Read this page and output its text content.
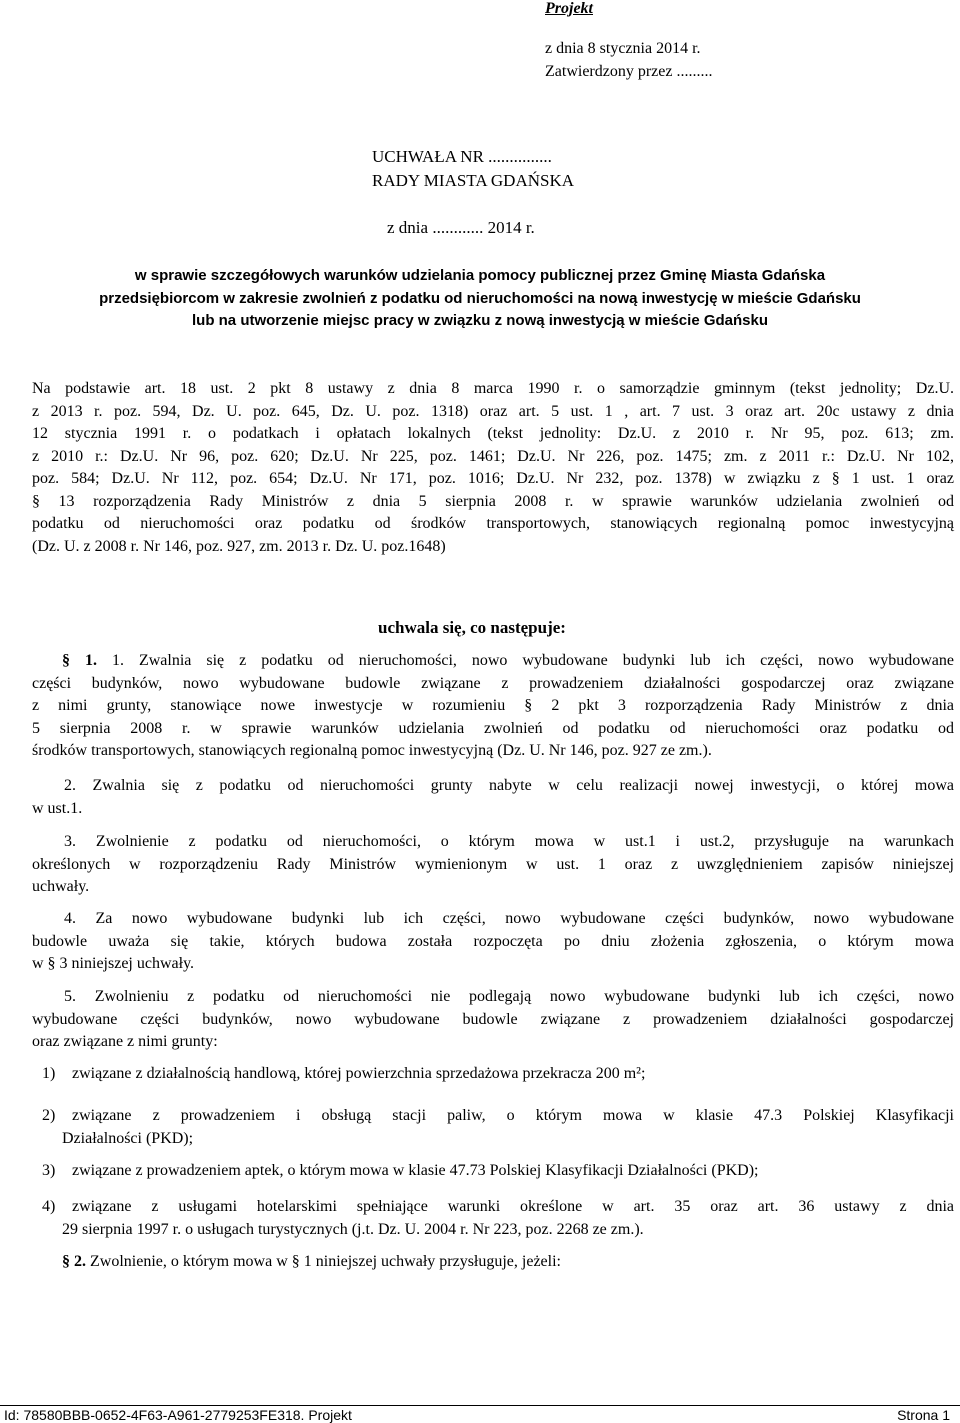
Projekt
z dnia 8 stycznia 2014 r.
Zatwierdzony przez .........
UCHWAŁA NR ...............
RADY MIASTA GDAŃSKA
z dnia ............ 2014 r.
w sprawie szczegółowych warunków udzielania pomocy publicznej przez Gminę Miasta Gdańska
przedsiębiorcom w zakresie zwolnień z podatku od nieruchomości na nową inwestycję w mieście Gdańsku
lub na utworzenie miejsc pracy w związku z nową inwestycją w mieście Gdańsku
Na podstawie art. 18 ust. 2 pkt 8 ustawy z dnia 8 marca 1990 r. o samorządzie gminnym (tekst jednolity; Dz.U.
z 2013 r. poz. 594, Dz. U. poz. 645, Dz. U. poz. 1318) oraz art. 5 ust. 1 , art. 7 ust. 3 oraz art. 20c ustawy z dnia
12 stycznia 1991 r. o podatkach i opłatach lokalnych (tekst jednolity: Dz.U. z 2010 r. Nr 95, poz. 613; zm.
z 2010 r.: Dz.U. Nr 96, poz. 620; Dz.U. Nr 225, poz. 1461; Dz.U. Nr 226, poz. 1475; zm. z 2011 r.: Dz.U. Nr 102,
poz. 584; Dz.U. Nr 112, poz. 654; Dz.U. Nr 171, poz. 1016; Dz.U. Nr 232, poz. 1378) w związku z § 1 ust. 1 oraz
§ 13 rozporządzenia Rady Ministrów z dnia 5 sierpnia 2008 r. w sprawie warunków udzielania zwolnień od
podatku od nieruchomości oraz podatku od środków transportowych, stanowiących regionalną pomoc inwestycyjną
(Dz. U. z 2008 r. Nr 146, poz. 927, zm. 2013 r. Dz. U. poz.1648)
uchwala się, co następuje:
§ 1. 1. Zwalnia się z podatku od nieruchomości, nowo wybudowane budynki lub ich części, nowo wybudowane
części budynków, nowo wybudowane budowle związane z prowadzeniem działalności gospodarczej oraz związane
z nimi grunty, stanowiące nowe inwestycje w rozumieniu § 2 pkt 3 rozporządzenia Rady Ministrów z dnia
5 sierpnia 2008 r. w sprawie warunków udzielania zwolnień od podatku od nieruchomości oraz podatku od
środków transportowych, stanowiących regionalną pomoc inwestycyjną (Dz. U. Nr 146, poz. 927 ze zm.).
2. Zwalnia się z podatku od nieruchomości grunty nabyte w celu realizacji nowej inwestycji, o której mowa
w ust.1.
3. Zwolnienie z podatku od nieruchomości, o którym mowa w ust.1 i ust.2, przysługuje na warunkach
określonych w rozporządzeniu Rady Ministrów wymienionym w ust. 1 oraz z uwzględnieniem zapisów niniejszej
uchwały.
4. Za nowo wybudowane budynki lub ich części, nowo wybudowane części budynków, nowo wybudowane
budowle uważa się takie, których budowa została rozpoczęta po dniu złożenia zgłoszenia, o którym mowa
w § 3 niniejszej uchwały.
5. Zwolnieniu z podatku od nieruchomości nie podlegają nowo wybudowane budynki lub ich części, nowo
wybudowane części budynków, nowo wybudowane budowle związane z prowadzeniem działalności gospodarczej
oraz związane z nimi grunty:
1) związane z działalnością handlową, której powierzchnia sprzedażowa przekracza 200 m²;
2) związane z prowadzeniem i obsługą stacji paliw, o którym mowa w klasie 47.3 Polskiej Klasyfikacji
Działalności (PKD);
3) związane z prowadzeniem aptek, o którym mowa w klasie 47.73 Polskiej Klasyfikacji Działalności (PKD);
4) związane z usługami hotelarskimi spełniające warunki określone w art. 35 oraz art. 36 ustawy z dnia
29 sierpnia 1997 r. o usługach turystycznych (j.t. Dz. U. 2004 r. Nr 223, poz. 2268 ze zm.).
§ 2. Zwolnienie, o którym mowa w § 1 niniejszej uchwały przysługuje, jeżeli:
Id: 78580BBB-0652-4F63-A961-2779253FE318. Projekt	Strona 1
